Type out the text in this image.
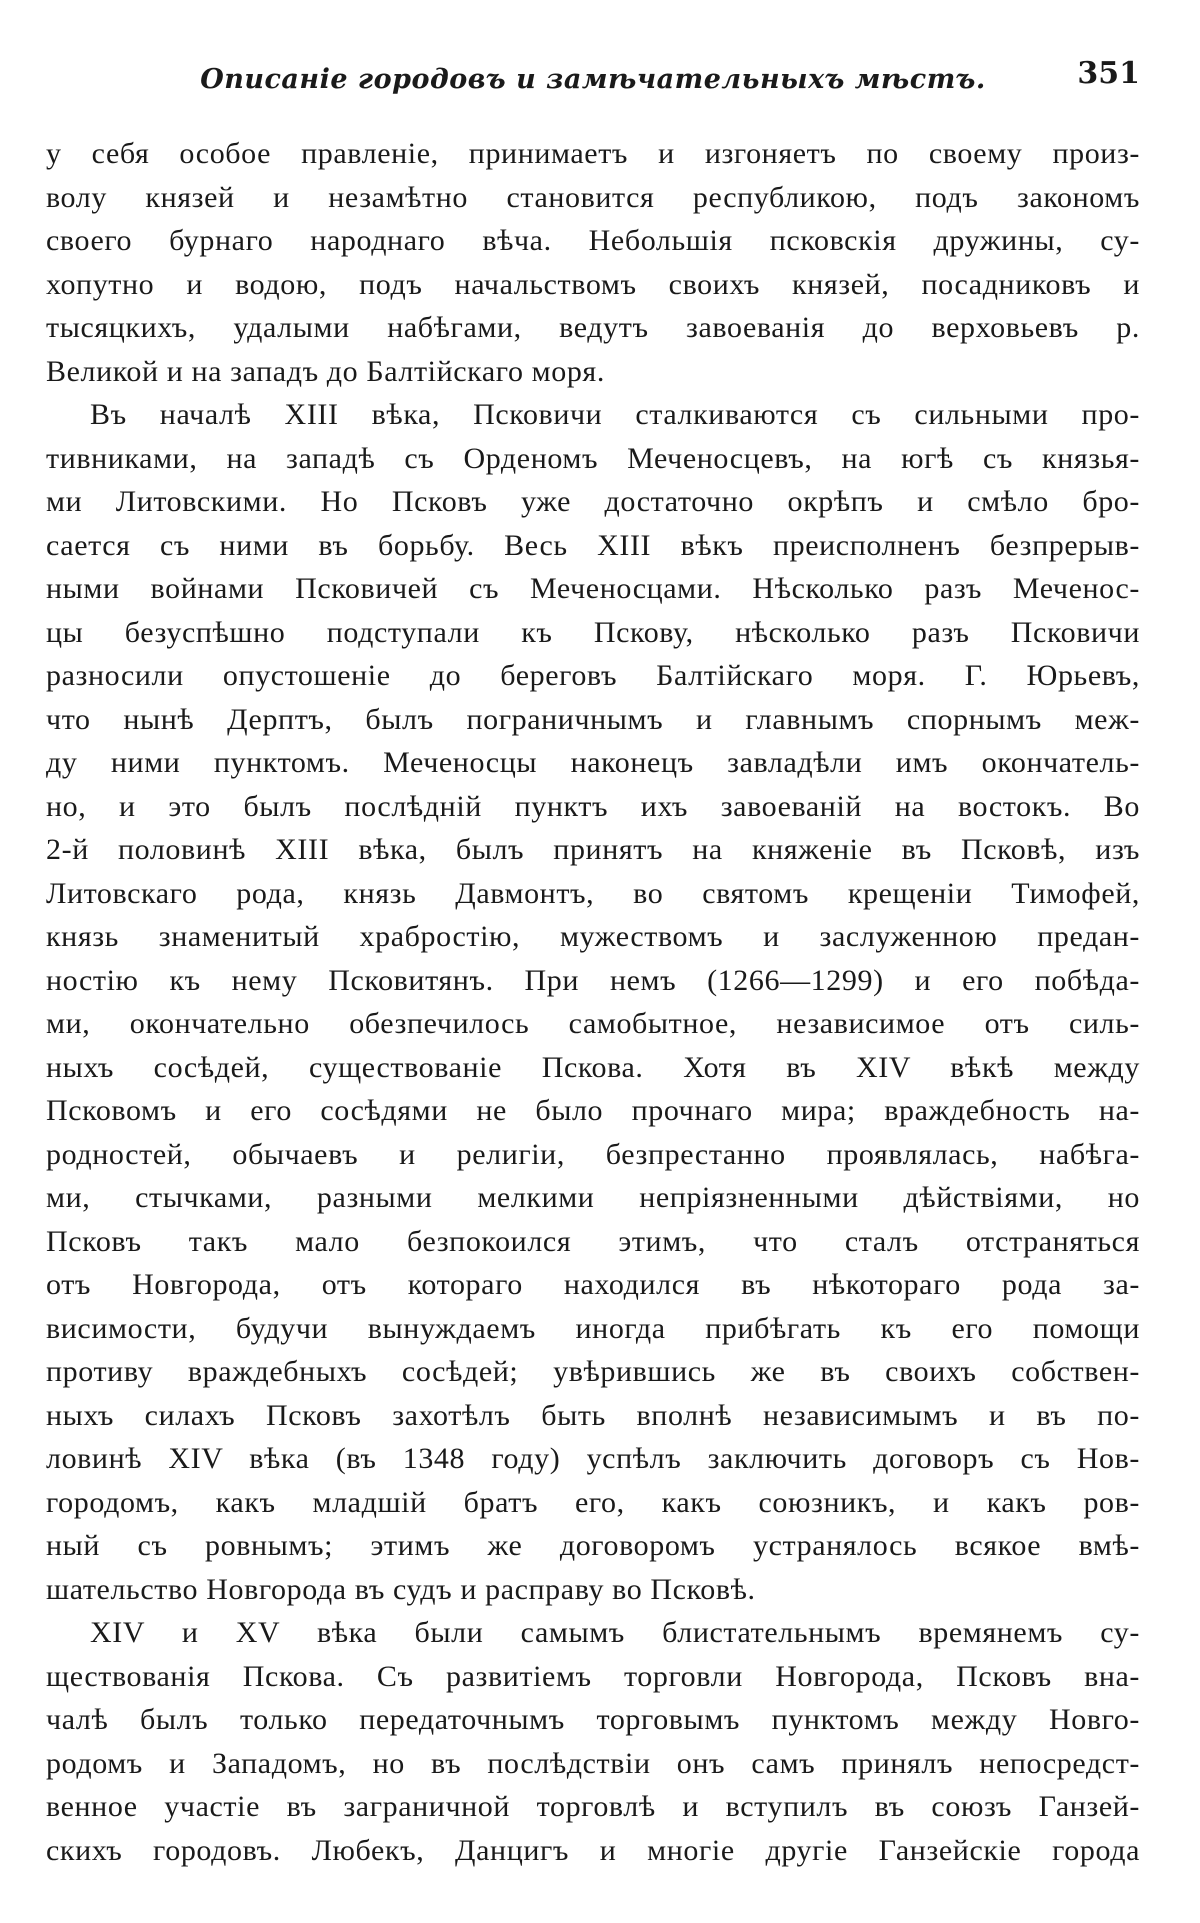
Описаніе городовъ и замѣчательныхъ мѣстъ.	351
у себя особое правленіе, принимаетъ и изгоняетъ по своему произ-
волу князей и незамѣтно становится республикою, подъ закономъ
своего бурнаго народнаго вѣча. Небольшія псковскія дружины, су-
хопутно и водою, подъ начальствомъ своихъ князей, посадниковъ и
тысяцкихъ, удалыми набѣгами, ведутъ завоеванія до верховьевъ р.
Великой и на западъ до Балтійскаго моря.
Въ началѣ XIII вѣка, Псковичи сталкиваются съ сильными про-
тивниками, на западѣ съ Орденомъ Меченосцевъ, на югѣ съ князья-
ми Литовскими. Но Псковъ уже достаточно окрѣпъ и смѣло бро-
сается съ ними въ борьбу. Весь XIII вѣкъ преисполненъ безпрерыв-
ными войнами Псковичей съ Меченосцами. Нѣсколько разъ Меченос-
цы безуспѣшно подступали къ Пскову, нѣсколько разъ Псковичи
разносили опустошеніе до береговъ Балтійскаго моря. Г. Юрьевъ,
что нынѣ Дерптъ, былъ пограничнымъ и главнымъ спорнымъ меж-
ду ними пунктомъ. Меченосцы наконецъ завладѣли имъ окончатель-
но, и это былъ послѣдній пунктъ ихъ завоеваній на востокъ. Во
2-й половинѣ XIII вѣка, былъ принятъ на княженіе въ Псковѣ, изъ
Литовскаго рода, князь Давмонтъ, во святомъ крещеніи Тимофей,
князь знаменитый храбростію, мужествомъ и заслуженною предан-
ностію къ нему Псковитянъ. При немъ (1266—1299) и его побѣда-
ми, окончательно обезпечилось самобытное, независимое отъ силь-
ныхъ сосѣдей, существованіе Пскова. Хотя въ XIV вѣкѣ между
Псковомъ и его сосѣдями не было прочнаго мира; враждебность на-
родностей, обычаевъ и религіи, безпрестанно проявлялась, набѣга-
ми, стычками, разными мелкими непріязненными дѣйствіями, но
Псковъ такъ мало безпокоился этимъ, что сталъ отстраняться
отъ Новгорода, отъ котораго находился въ нѣкотораго рода за-
висимости, будучи вынуждаемъ иногда прибѣгать къ его помощи
противу враждебныхъ сосѣдей; увѣрившись же въ своихъ собствен-
ныхъ силахъ Псковъ захотѣлъ быть вполнѣ независимымъ и въ по-
ловинѣ XIV вѣка (въ 1348 году) успѣлъ заключить договоръ съ Нов-
городомъ, какъ младшій братъ его, какъ союзникъ, и какъ ров-
ный съ ровнымъ; этимъ же договоромъ устранялось всякое вмѣ-
шательство Новгорода въ судъ и расправу во Псковѣ.
XIV и XV вѣка были самымъ блистательнымъ времянемъ су-
ществованія Пскова. Съ развитіемъ торговли Новгорода, Псковъ вна-
чалѣ былъ только передаточнымъ торговымъ пунктомъ между Новго-
родомъ и Западомъ, но въ послѣдствіи онъ самъ принялъ непосредст-
венное участіе въ заграничной торговлѣ и вступилъ въ союзъ Ганзей-
скихъ городовъ. Любекъ, Данцигъ и многіе другіе Ганзейскіе города
